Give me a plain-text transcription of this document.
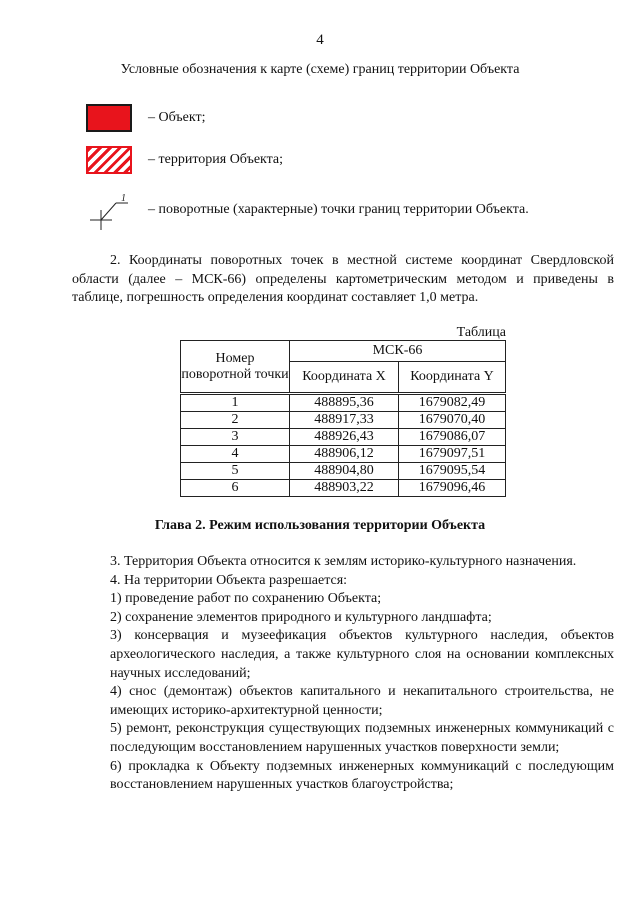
4
Условные обозначения к карте (схеме) границ территории Объекта
– Объект;
– территория Объекта;
1
– поворотные (характерные) точки границ территории Объекта.
2. Координаты поворотных точек в местной системе координат Свердловской области (далее – МСК-66) определены картометрическим методом и приведены в таблице, погрешность определения координат составляет 1,0 метра.
Таблица
Номер поворотной точки	МСК-66	
	Координата X	Координата Y
1	488895,36	1679082,49
2	488917,33	1679070,40
3	488926,43	1679086,07
4	488906,12	1679097,51
5	488904,80	1679095,54
6	488903,22	1679096,46
Глава 2. Режим использования территории Объекта
3. Территория Объекта относится к землям историко-культурного назначения.
4. На территории Объекта разрешается:
1) проведение работ по сохранению Объекта;
2) сохранение элементов природного и культурного ландшафта;
3) консервация и музеефикация объектов культурного наследия, объектов археологического наследия, а также культурного слоя на основании комплексных научных исследований;
4) снос (демонтаж) объектов капитального и некапитального строительства, не имеющих историко-архитектурной ценности;
5) ремонт, реконструкция существующих подземных инженерных коммуникаций с последующим восстановлением нарушенных участков поверхности земли;
6) прокладка к Объекту подземных инженерных коммуникаций с последующим восстановлением нарушенных участков благоустройства;
